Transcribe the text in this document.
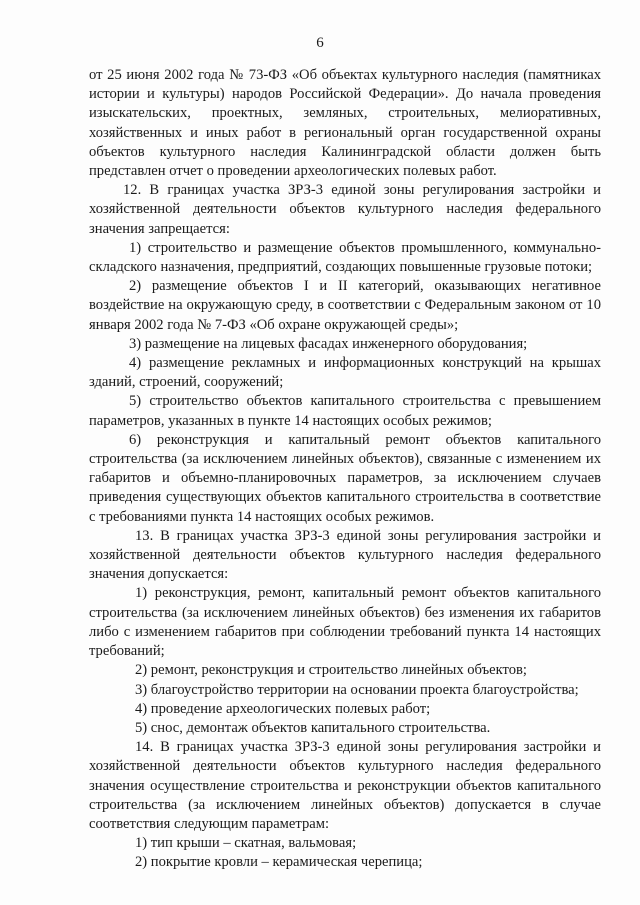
6

от 25 июня 2002 года № 73-ФЗ «Об объектах культурного наследия (памятниках истории и культуры) народов Российской Федерации». До начала проведения изыскательских, проектных, земляных, строительных, мелиоративных, хозяйственных и иных работ в региональный орган государственной охраны объектов культурного наследия Калининградской области должен быть представлен отчет о проведении археологических полевых работ.

12. В границах участка ЗРЗ-3 единой зоны регулирования застройки и хозяйственной деятельности объектов культурного наследия федерального значения запрещается:

1) строительство и размещение объектов промышленного, коммунально-складского назначения, предприятий, создающих повышенные грузовые потоки;

2) размещение объектов I и II категорий, оказывающих негативное воздействие на окружающую среду, в соответствии с Федеральным законом от 10 января 2002 года № 7-ФЗ «Об охране окружающей среды»;

3) размещение на лицевых фасадах инженерного оборудования;

4) размещение рекламных и информационных конструкций на крышах зданий, строений, сооружений;

5) строительство объектов капитального строительства с превышением параметров, указанных в пункте 14 настоящих особых режимов;

6) реконструкция и капитальный ремонт объектов капитального строительства (за исключением линейных объектов), связанные с изменением их габаритов и объемно-планировочных параметров, за исключением случаев приведения существующих объектов капитального строительства в соответствие с требованиями пункта 14 настоящих особых режимов.

13. В границах участка ЗРЗ-3 единой зоны регулирования застройки и хозяйственной деятельности объектов культурного наследия федерального значения допускается:

1) реконструкция, ремонт, капитальный ремонт объектов капитального строительства (за исключением линейных объектов) без изменения их габаритов либо с изменением габаритов при соблюдении требований пункта 14 настоящих требований;

2) ремонт, реконструкция и строительство линейных объектов;

3) благоустройство территории на основании проекта благоустройства;

4) проведение археологических полевых работ;

5) снос, демонтаж объектов капитального строительства.

14. В границах участка ЗРЗ-3 единой зоны регулирования застройки и хозяйственной деятельности объектов культурного наследия федерального значения осуществление строительства и реконструкции объектов капитального строительства (за исключением линейных объектов) допускается в случае соответствия следующим параметрам:

1) тип крыши – скатная, вальмовая;

2) покрытие кровли – керамическая черепица;
